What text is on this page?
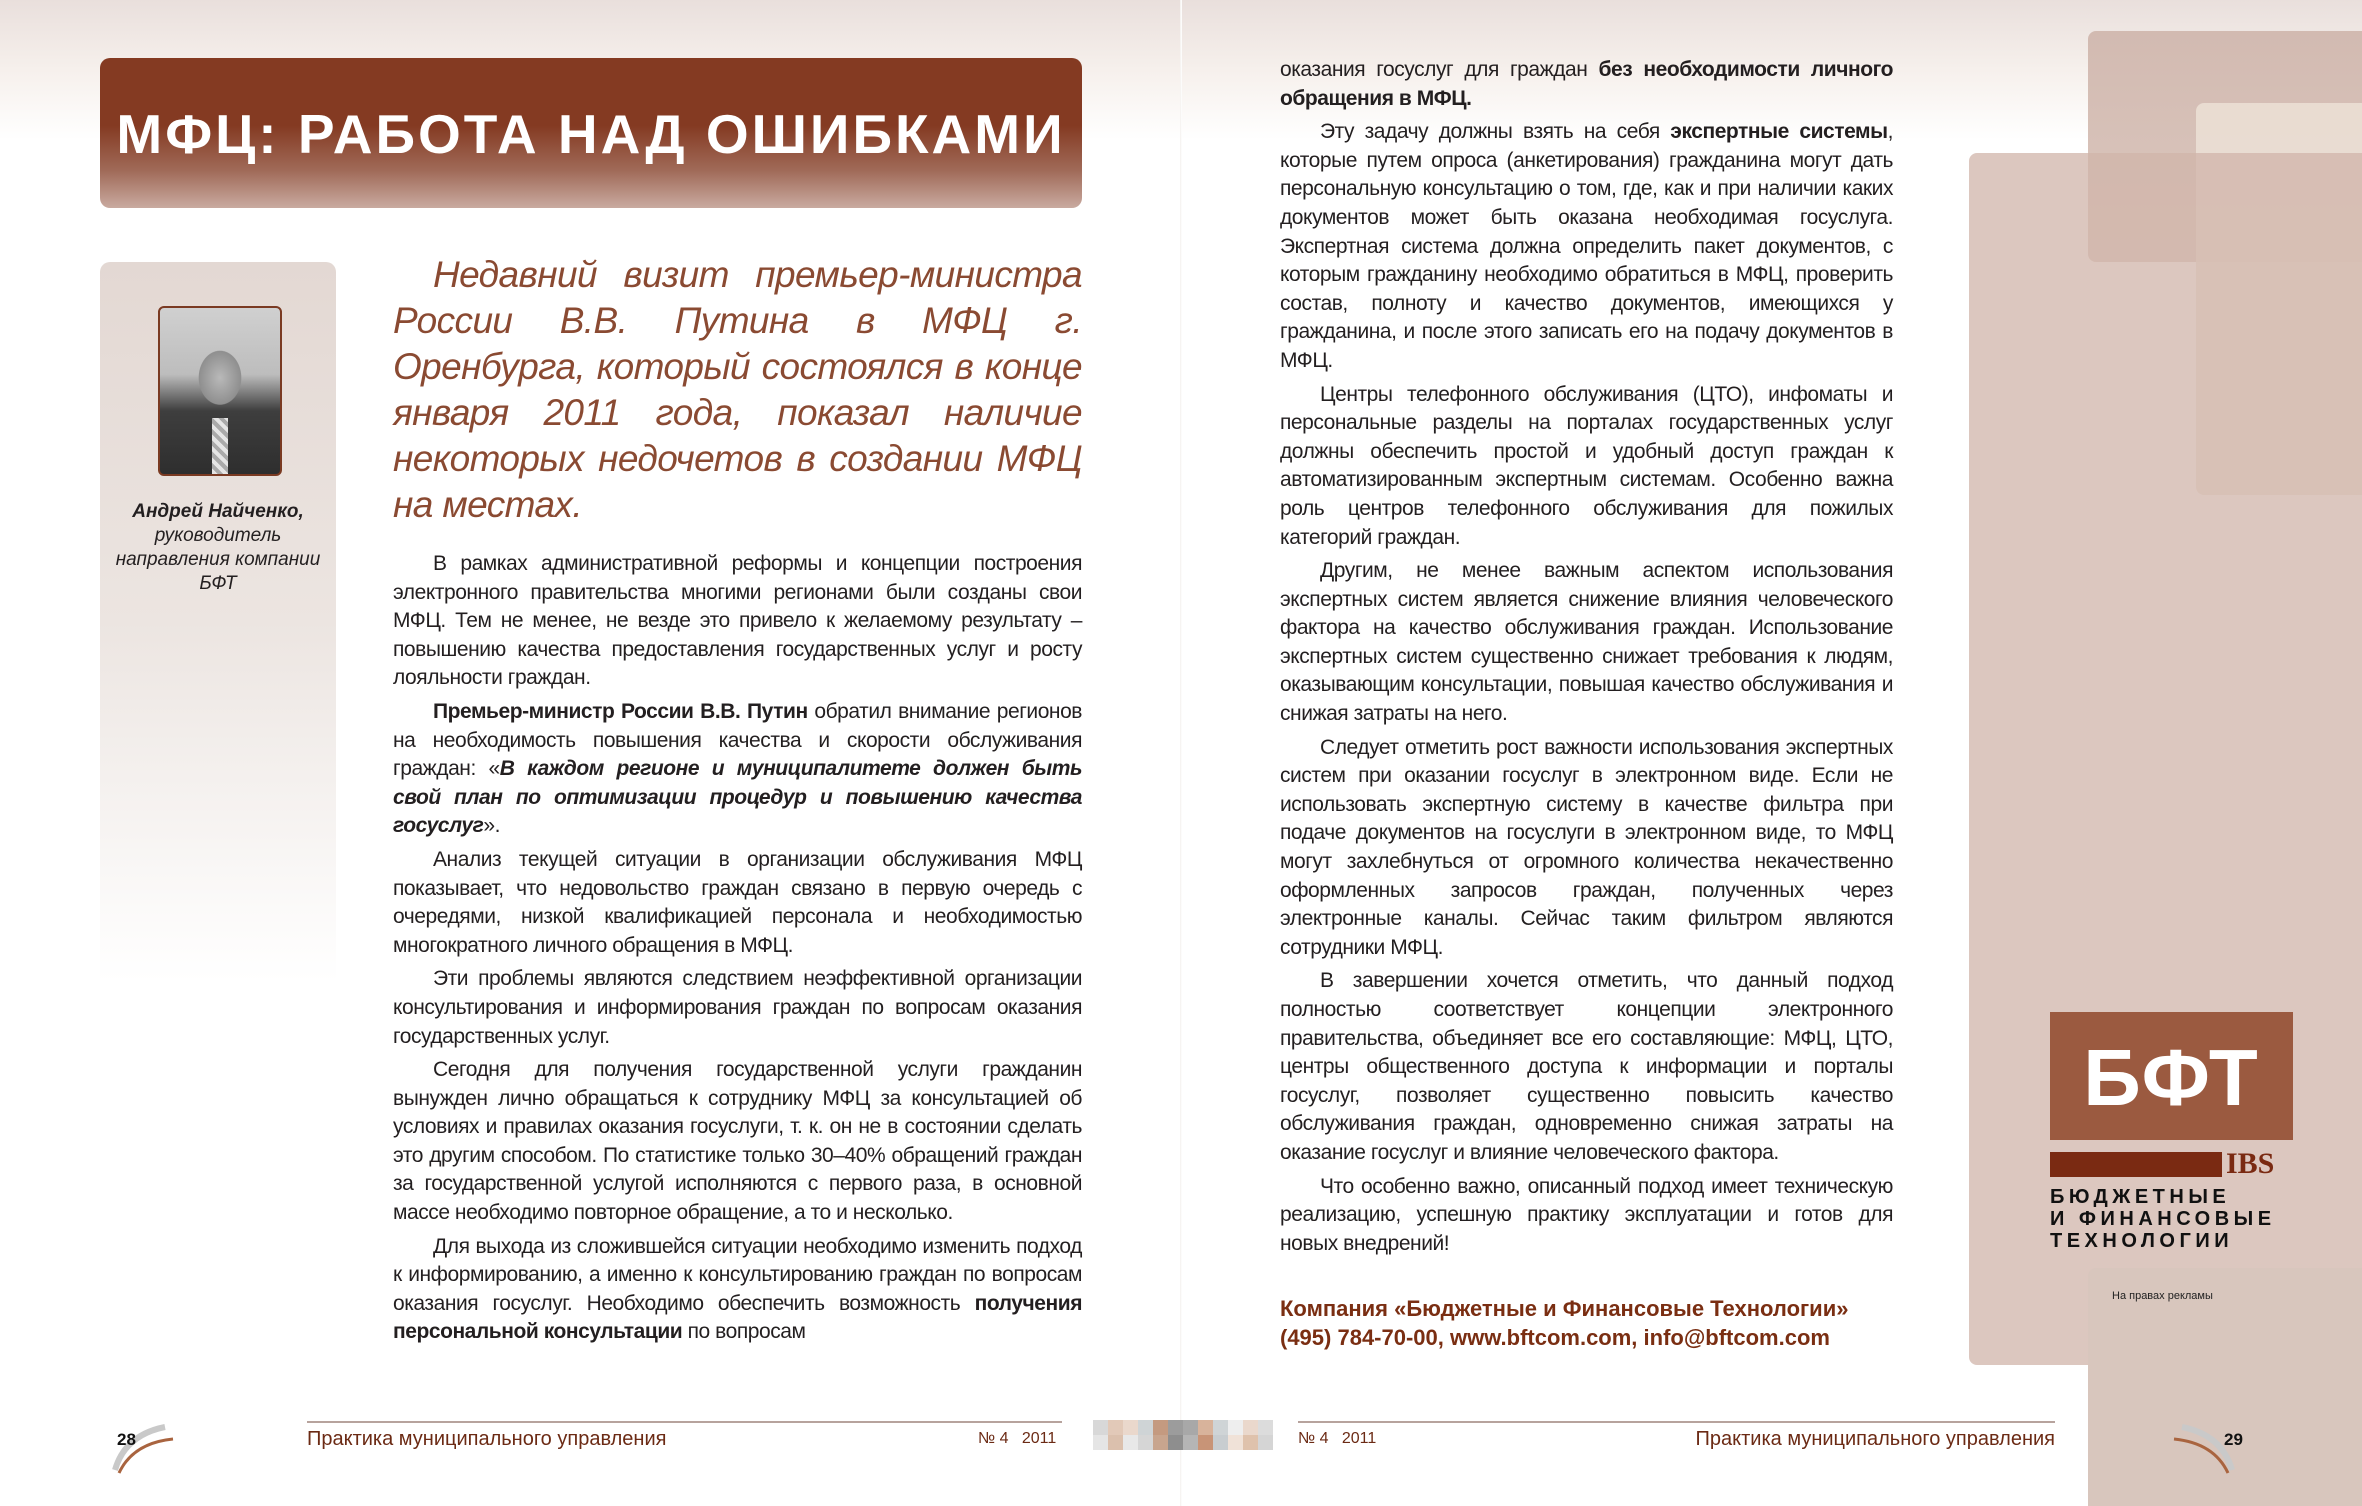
МФЦ: РАБОТА НАД ОШИБКАМИ
Андрей Найченко,
руководитель направления компании БФТ
Недавний визит премьер-министра России В.В. Путина в МФЦ г. Оренбурга, который состоялся в конце января 2011 года, показал наличие некоторых недочетов в создании МФЦ на местах.

В рамках административной реформы и концепции построения электронного правительства многими регионами были созданы свои МФЦ. Тем не менее, не везде это привело к желаемому результату – повышению качества предоставления государственных услуг и росту лояльности граждан.

Премьер-министр России В.В. Путин обратил внимание регионов на необходимость повышения качества и скорости обслуживания граждан: «В каждом регионе и муниципалитете должен быть свой план по оптимизации процедур и повышению качества госуслуг».

Анализ текущей ситуации в организации обслуживания МФЦ показывает, что недовольство граждан связано в первую очередь с очередями, низкой квалификацией персонала и необходимостью многократного личного обращения в МФЦ.

Эти проблемы являются следствием неэффективной организации консультирования и информирования граждан по вопросам оказания государственных услуг.

Сегодня для получения государственной услуги гражданин вынужден лично обращаться к сотруднику МФЦ за консультацией об условиях и правилах оказания госуслуги, т. к. он не в состоянии сделать это другим способом. По статистике только 30–40% обращений граждан за государственной услугой исполняются с первого раза, в основной массе необходимо повторное обращение, а то и несколько.

Для выхода из сложившейся ситуации необходимо изменить подход к информированию, а именно к консультированию граждан по вопросам оказания госуслуг. Необходимо обеспечить возможность получения персональной консультации по вопросам

оказания госуслуг для граждан без необходимости личного обращения в МФЦ.

Эту задачу должны взять на себя экспертные системы, которые путем опроса (анкетирования) гражданина могут дать персональную консультацию о том, где, как и при наличии каких документов может быть оказана необходимая госуслуга. Экспертная система должна определить пакет документов, с которым гражданину необходимо обратиться в МФЦ, проверить состав, полноту и качество документов, имеющихся у гражданина, и после этого записать его на подачу документов в МФЦ.

Центры телефонного обслуживания (ЦТО), инфоматы и персональные разделы на порталах государственных услуг должны обеспечить простой и удобный доступ граждан к автоматизированным экспертным системам. Особенно важна роль центров телефонного обслуживания для пожилых категорий граждан.

Другим, не менее важным аспектом использования экспертных систем является снижение влияния человеческого фактора на качество обслуживания граждан. Использование экспертных систем существенно снижает требования к людям, оказывающим консультации, повышая качество обслуживания и снижая затраты на него.

Следует отметить рост важности использования экспертных систем при оказании госуслуг в электронном виде. Если не использовать экспертную систему в качестве фильтра при подаче документов на госуслуги в электронном виде, то МФЦ могут захлебнуться от огромного количества некачественно оформленных запросов граждан, полученных через электронные каналы. Сейчас таким фильтром являются сотрудники МФЦ.

В завершении хочется отметить, что данный подход полностью соответствует концепции электронного правительства, объединяет все его составляющие: МФЦ, ЦТО, центры общественного доступа к информации и порталы госуслуг, позволяет существенно повысить качество обслуживания граждан, одновременно снижая затраты на оказание госуслуг и влияние человеческого фактора.

Что особенно важно, описанный подход имеет техническую реализацию, успешную практику эксплуатации и готов для новых внедрений!

Компания «Бюджетные и Финансовые Технологии»
(495) 784-70-00, www.bftcom.com, info@bftcom.com
БФТ
IBS
БЮДЖЕТНЫЕ
И ФИНАНСОВЫЕ
ТЕХНОЛОГИИ
На правах рекламы
28	Практика муниципального управления	№ 4 2011	№ 4 2011	Практика муниципального управления	29
